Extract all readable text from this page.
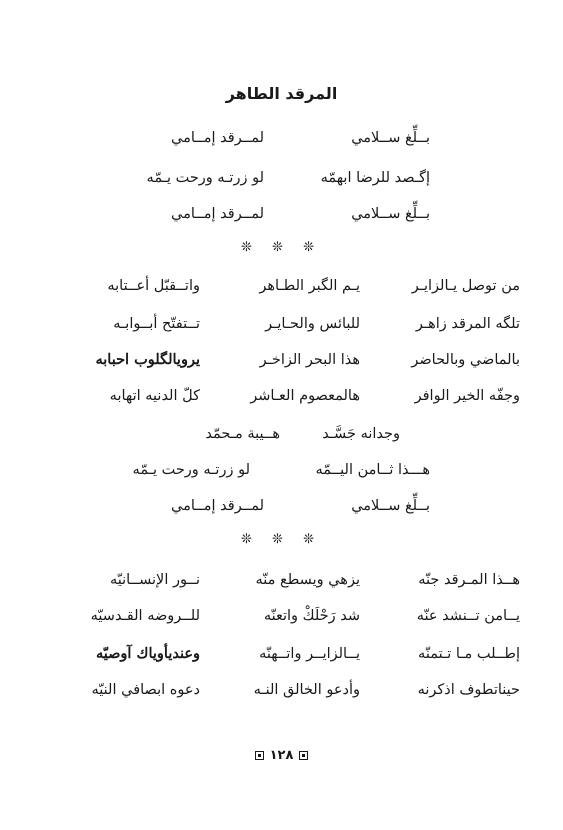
المرقد الطاهر
بــلِّغ ســلامي
لمــرقد إمــامي
إگـصد للرضا ابهمّه
لو زرتـه ورحت يـمّه
بــلِّغ ســلامي
لمــرقد إمــامي
❊ ❊ ❊
من توصل يـالزايـر
يـم الگبر الطـاهر
واتــقبّل أعــتابه
تلگه المرقد زاهـر
للبائس والحـايـر
تــتفتّح أبــوابـه
بالماضي وبالحاضر
هذا البحر الزاخـر
يرويالگلوب احبابه
وجفّه الخير الوافر
هالمعصوم العـاشر
كلّ الدنيه اتهابه
وجدانه جَسَّـد
هــيبة مـحمّد
هـــذا ثــامن اليــمّه
لو زرتـه ورحت يـمّه
بــلِّغ ســلامي
لمــرقد إمــامي
❊ ❊ ❊
هــذا المـرقد جنّه
يزهي ويسطع منّه
نــور الإنســانيّه
يــامن تــنشد عنّه
شد رَحْلَكْ واتعنّه
للــروضه القـدسيّه
إطــلب مـا تـتمنّه
يــالزايــر واتــهنّه
وعنديأوياك آوصيّه
حيناتطوف اذكرنه
وأدعو الخالق النـه
دعوه ابصافي النيّه
١٢٨
